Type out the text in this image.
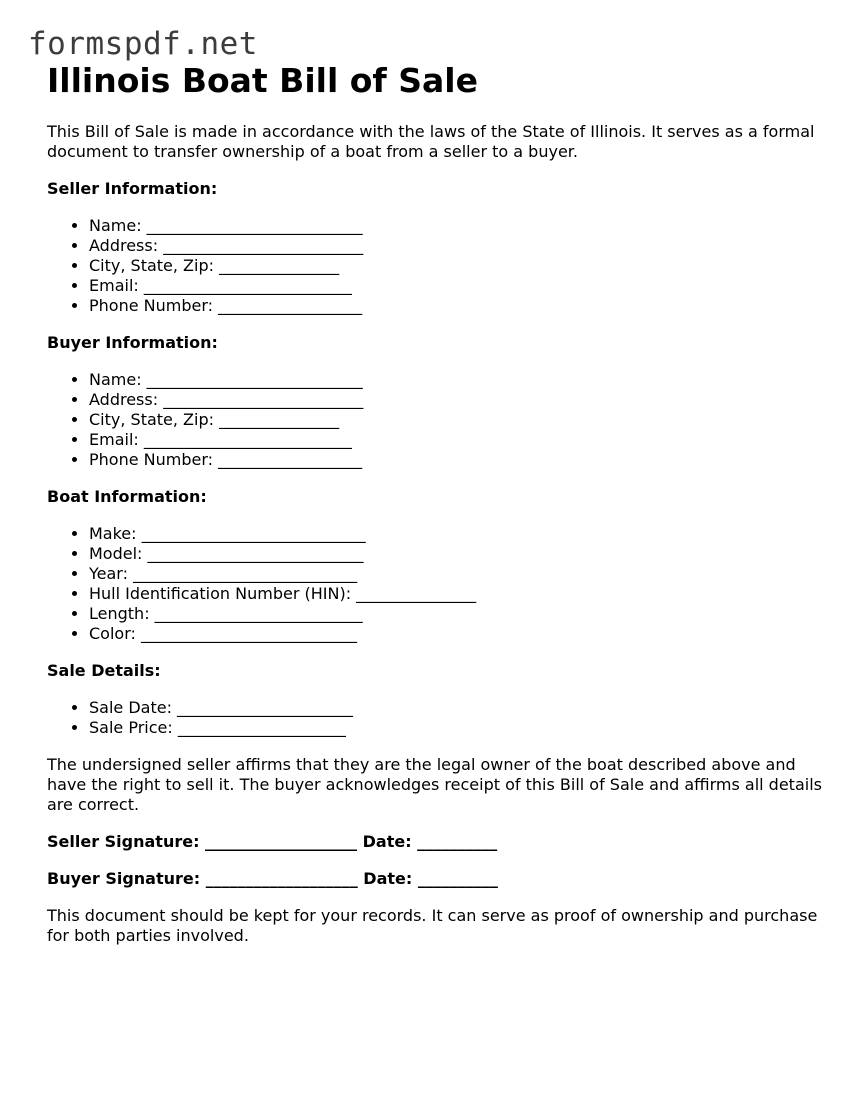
formspdf.net
Illinois Boat Bill of Sale

This Bill of Sale is made in accordance with the laws of the State of Illinois. It serves as a formal document to transfer ownership of a boat from a seller to a buyer.

Seller Information:
• Name: ___________________________
• Address: _________________________
• City, State, Zip: _______________
• Email: __________________________
• Phone Number: __________________
Buyer Information:
• Name: ___________________________
• Address: _________________________
• City, State, Zip: _______________
• Email: __________________________
• Phone Number: __________________
Boat Information:
• Make: ____________________________
• Model: ___________________________
• Year: ____________________________
• Hull Identification Number (HIN): _______________
• Length: __________________________
• Color: ___________________________
Sale Details:
• Sale Date: ______________________
• Sale Price: _____________________

The undersigned seller affirms that they are the legal owner of the boat described above and have the right to sell it. The buyer acknowledges receipt of this Bill of Sale and affirms all details are correct.

Seller Signature: ___________________ Date: __________
Buyer Signature: ___________________ Date: __________

This document should be kept for your records. It can serve as proof of ownership and purchase for both parties involved.
